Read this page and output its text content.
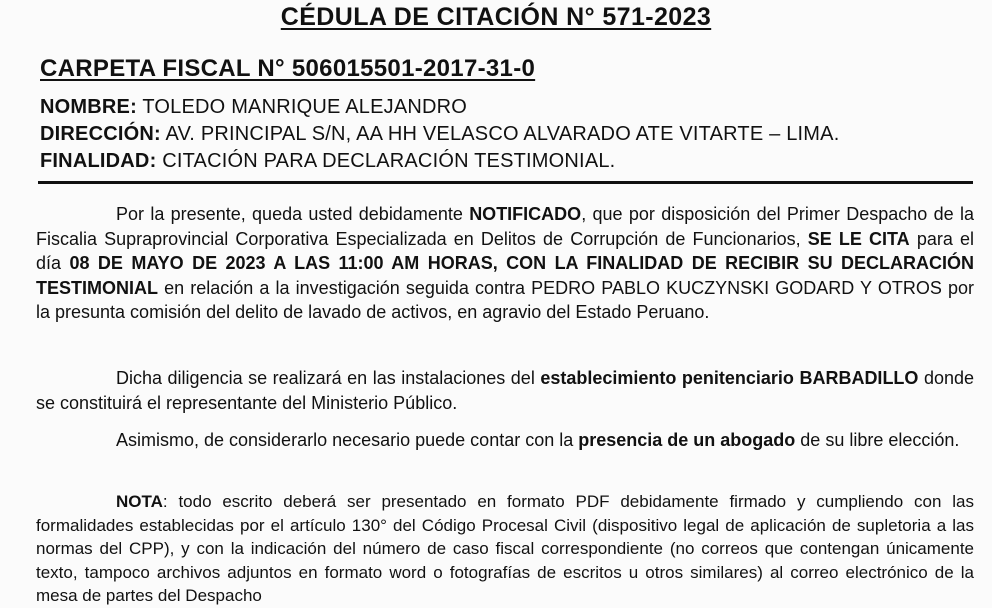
CÉDULA DE CITACIÓN N° 571-2023
CARPETA FISCAL N° 506015501-2017-31-0
NOMBRE: TOLEDO MANRIQUE ALEJANDRO
DIRECCIÓN: AV. PRINCIPAL S/N, AA HH VELASCO ALVARADO ATE VITARTE – LIMA.
FINALIDAD: CITACIÓN PARA DECLARACIÓN TESTIMONIAL.

Por la presente, queda usted debidamente NOTIFICADO, que por disposición del Primer Despacho de la Fiscalia Supraprovincial Corporativa Especializada en Delitos de Corrupción de Funcionarios, SE LE CITA para el día 08 DE MAYO DE 2023 A LAS 11:00 AM HORAS, CON LA FINALIDAD DE RECIBIR SU DECLARACIÓN TESTIMONIAL en relación a la investigación seguida contra PEDRO PABLO KUCZYNSKI GODARD Y OTROS por la presunta comisión del delito de lavado de activos, en agravio del Estado Peruano.

Dicha diligencia se realizará en las instalaciones del establecimiento penitenciario BARBADILLO donde se constituirá el representante del Ministerio Público.

Asimismo, de considerarlo necesario puede contar con la presencia de un abogado de su libre elección.

NOTA: todo escrito deberá ser presentado en formato PDF debidamente firmado y cumpliendo con las formalidades establecidas por el artículo 130° del Código Procesal Civil (dispositivo legal de aplicación de supletoria a las normas del CPP), y con la indicación del número de caso fiscal correspondiente (no correos que contengan únicamente texto, tampoco archivos adjuntos en formato word o fotografías de escritos u otros similares) al correo electrónico de la mesa de partes del Despacho
